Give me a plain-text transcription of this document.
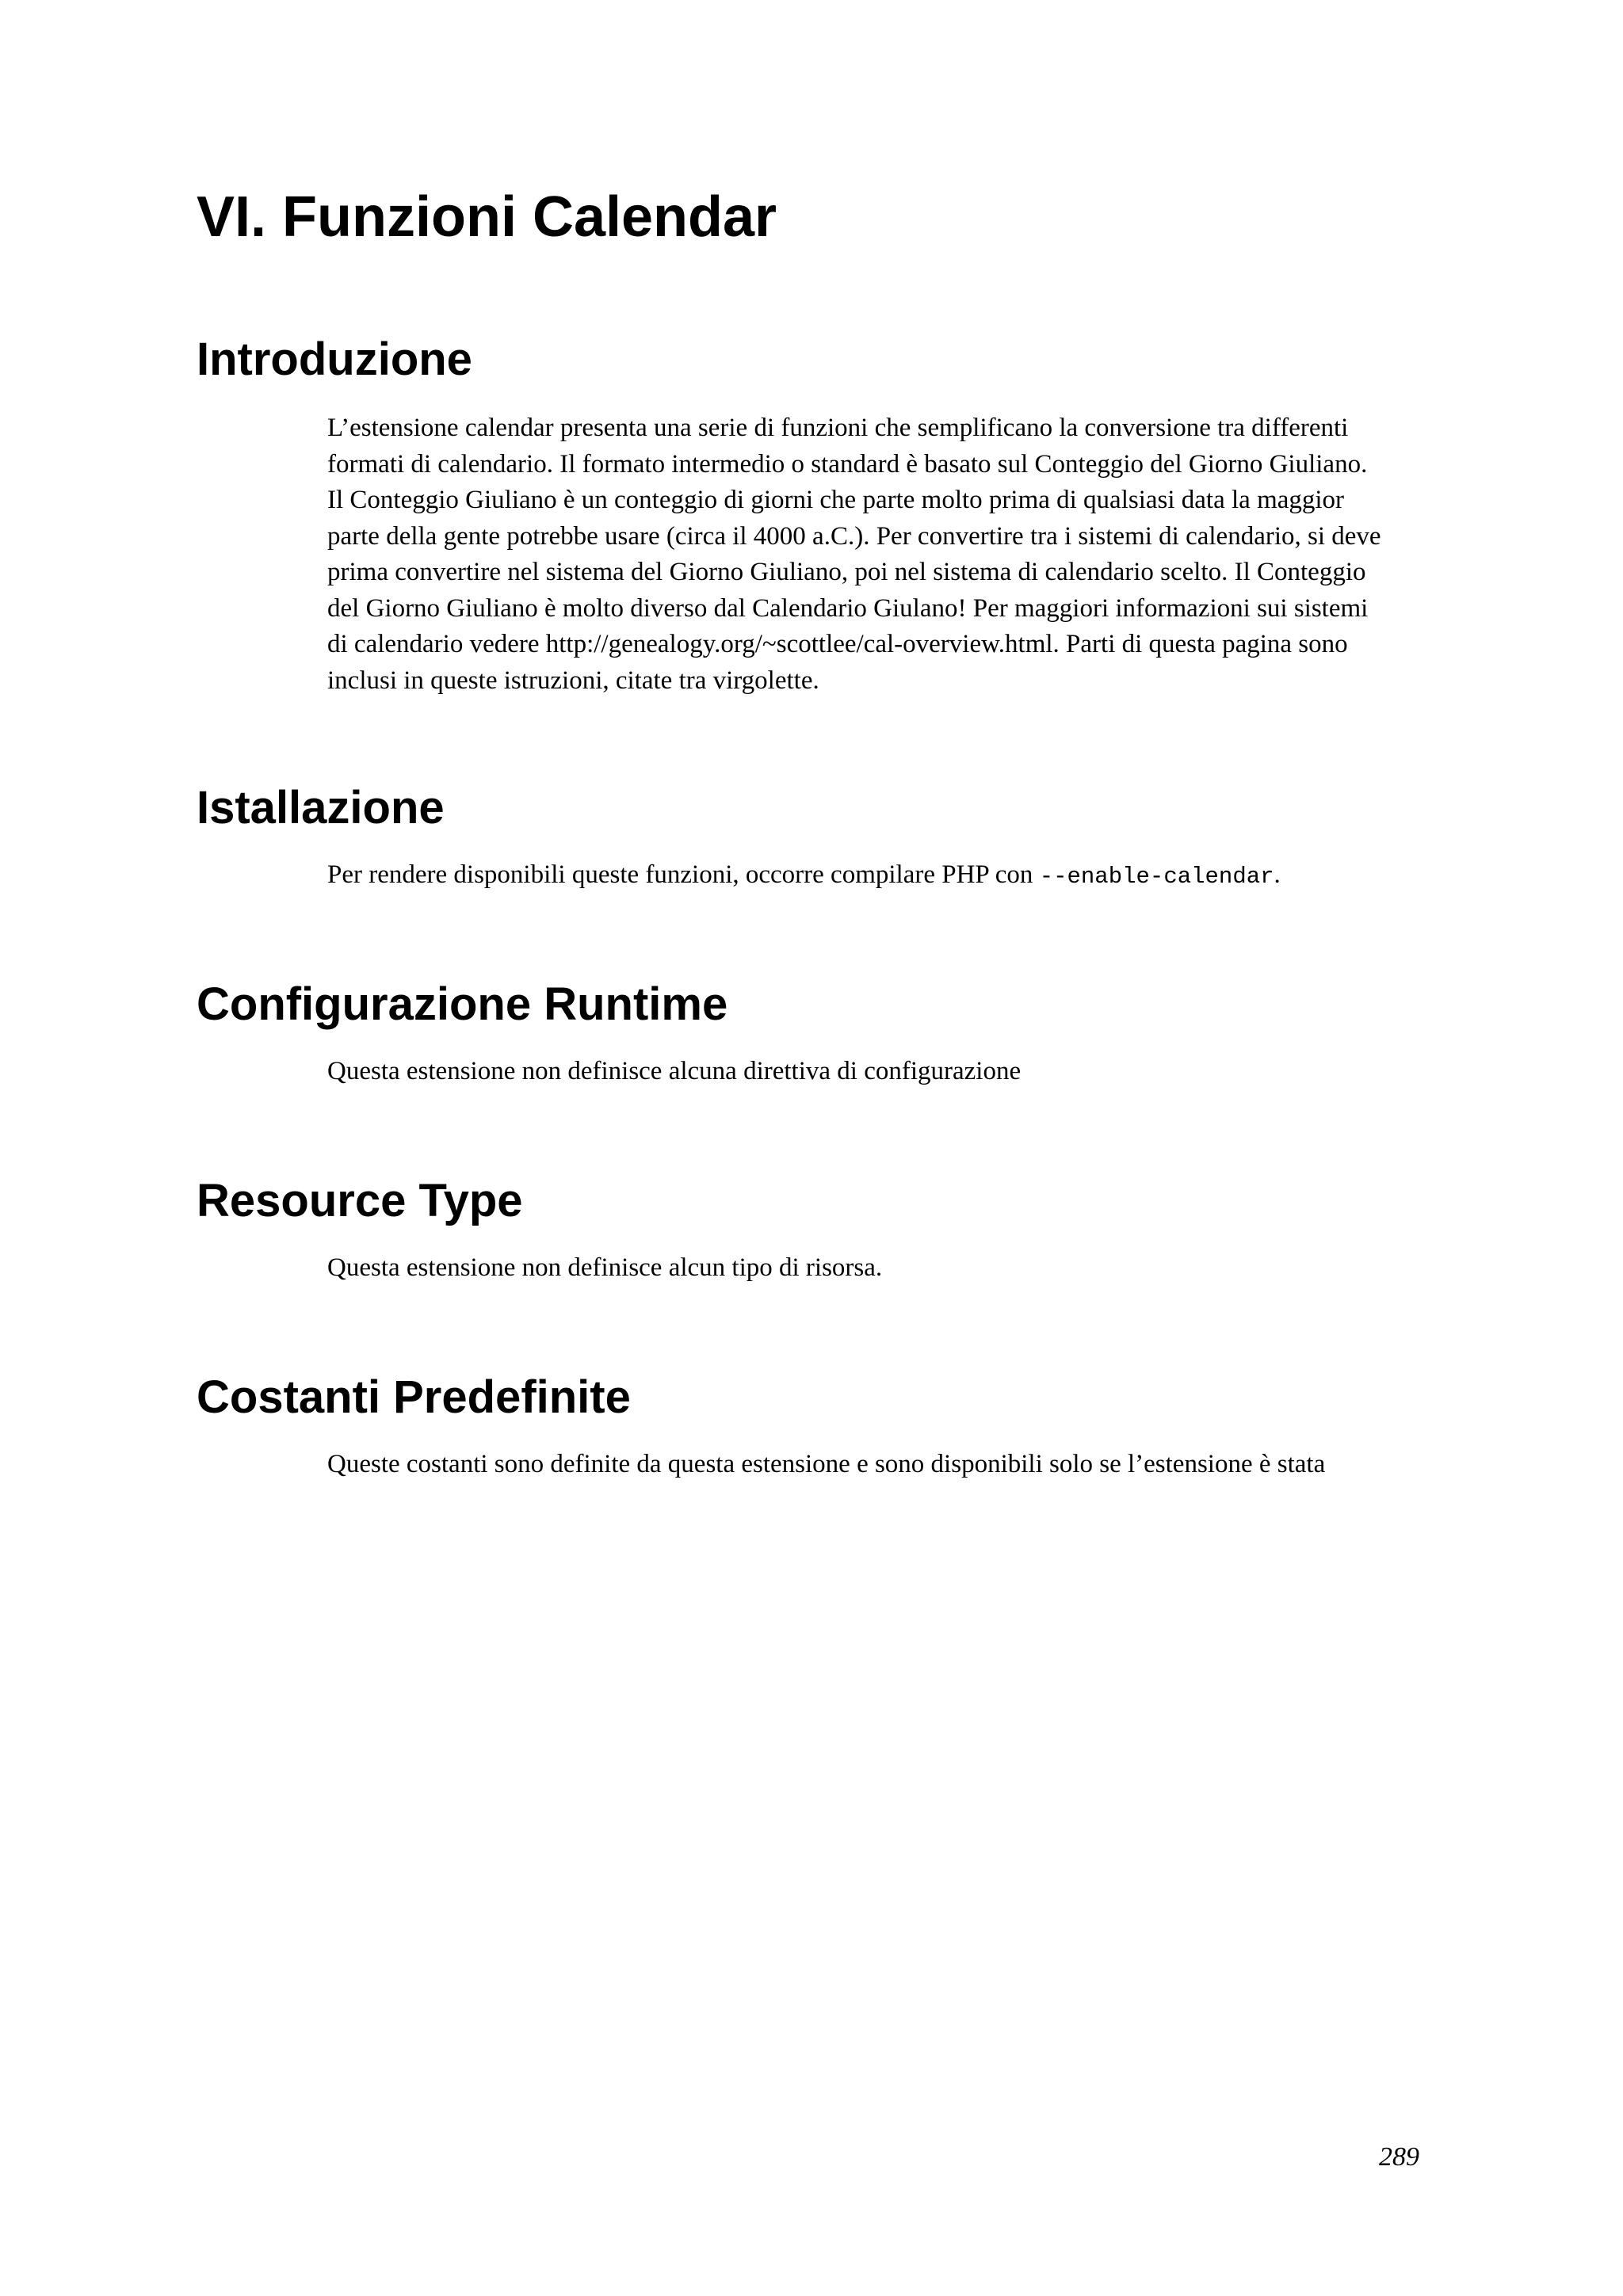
VI. Funzioni Calendar
Introduzione

L’estensione calendar presenta una serie di funzioni che semplificano la conversione tra differenti
formati di calendario. Il formato intermedio o standard è basato sul Conteggio del Giorno Giuliano.
Il Conteggio Giuliano è un conteggio di giorni che parte molto prima di qualsiasi data la maggior
parte della gente potrebbe usare (circa il 4000 a.C.). Per convertire tra i sistemi di calendario, si deve
prima convertire nel sistema del Giorno Giuliano, poi nel sistema di calendario scelto. Il Conteggio
del Giorno Giuliano è molto diverso dal Calendario Giulano! Per maggiori informazioni sui sistemi
di calendario vedere http://genealogy.org/~scottlee/cal-overview.html. Parti di questa pagina sono
inclusi in queste istruzioni, citate tra virgolette.

Istallazione

Per rendere disponibili queste funzioni, occorre compilare PHP con --enable-calendar.

Configurazione Runtime

Questa estensione non definisce alcuna direttiva di configurazione

Resource Type

Questa estensione non definisce alcun tipo di risorsa.

Costanti Predefinite

Queste costanti sono definite da questa estensione e sono disponibili solo se l’estensione è stata

289
